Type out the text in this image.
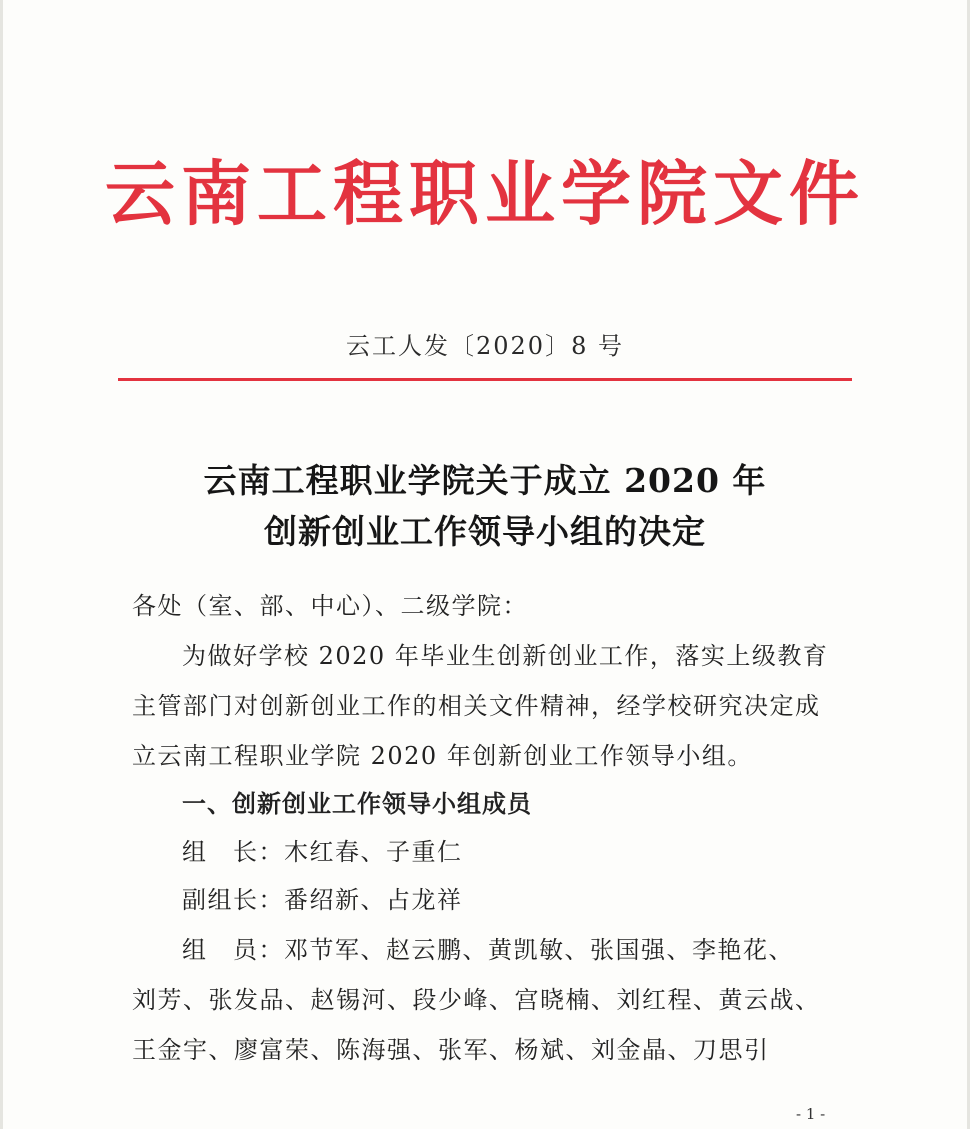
云南工程职业学院文件
云工人发〔2020〕8 号
云南工程职业学院关于成立 2020 年
创新创业工作领导小组的决定
各处（室、部、中心）、二级学院：
为做好学校 2020 年毕业生创新创业工作，落实上级教育
主管部门对创新创业工作的相关文件精神，经学校研究决定成
立云南工程职业学院 2020 年创新创业工作领导小组。
一、创新创业工作领导小组成员
组　长：木红春、子重仁
副组长：番绍新、占龙祥
组　员：邓节军、赵云鹏、黄凯敏、张国强、李艳花、
刘芳、张发品、赵锡河、段少峰、宫晓楠、刘红程、黄云战、
王金宇、廖富荣、陈海强、张军、杨斌、刘金晶、刀思引
- 1 -
